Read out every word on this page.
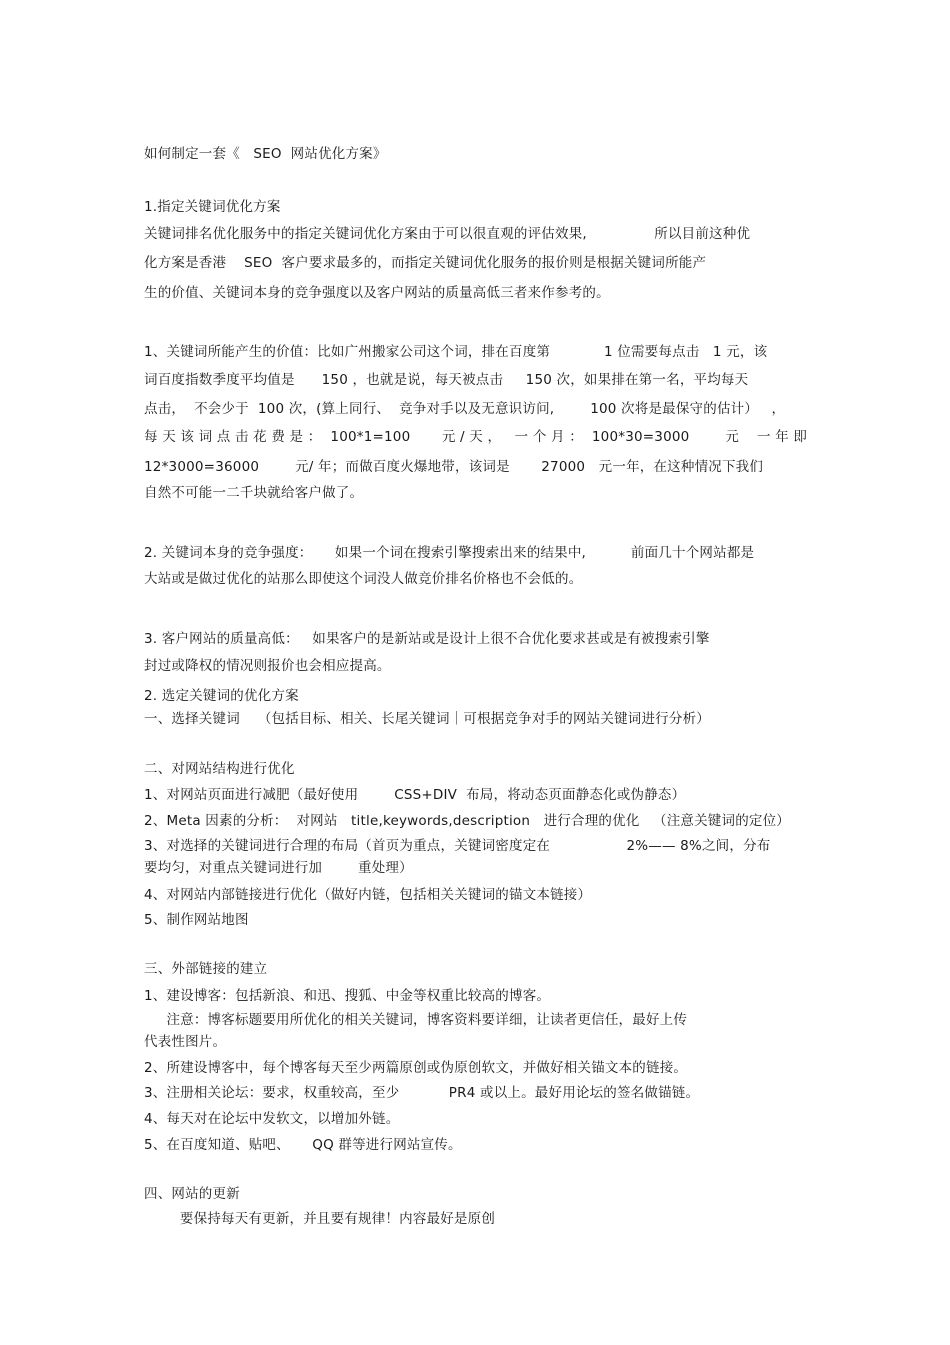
如何制定一套《   SEO  网站优化方案》
1.指定关键词优化方案
关键词排名优化服务中的指定关键词优化方案由于可以很直观的评估效果,               所以目前这种优
化方案是香港    SEO  客户要求最多的，而指定关键词优化服务的报价则是根据关键词所能产
生的价值、关键词本身的竞争强度以及客户网站的质量高低三者来作参考的。
1、关键词所能产生的价值：比如广州搬家公司这个词，排在百度第            1 位需要每点击   1 元，该
词百度指数季度平均值是      150 ，也就是说，每天被点击     150 次，如果排在第一名，平均每天
点击，  不会少于  100 次，(算上同行、  竞争对手以及无意识访问,        100 次将是最保守的估计）   ，
每 天 该 词 点 击 花 费 是 ：  100*1=100       元 / 天 ，   一 个 月 ：  100*30=3000        元    一 年 即
12*3000=36000        元/ 年；而做百度火爆地带，该词是       27000   元一年，在这种情况下我们
自然不可能一二千块就给客户做了。
2. 关键词本身的竞争强度：     如果一个词在搜索引擎搜索出来的结果中,          前面几十个网站都是
大站或是做过优化的站那么即使这个词没人做竞价排名价格也不会低的。
3. 客户网站的质量高低：   如果客户的是新站或是设计上很不合优化要求甚或是有被搜索引擎
封过或降权的情况则报价也会相应提高。
2. 选定关键词的优化方案
一、选择关键词    （包括目标、相关、长尾关键词｜可根据竞争对手的网站关键词进行分析）
二、对网站结构进行优化
1、对网站页面进行减肥（最好使用        CSS+DIV  布局，将动态页面静态化或伪静态）
2、Meta 因素的分析：  对网站   title,keywords,description   进行合理的优化   （注意关键词的定位）
3、对选择的关键词进行合理的布局（首页为重点，关键词密度定在                 2%—— 8%之间，分布
要均匀，对重点关键词进行加        重处理）
4、对网站内部链接进行优化（做好内链，包括相关关键词的锚文本链接）
5、制作网站地图
三、外部链接的建立
1、建设博客：包括新浪、和迅、搜狐、中金等权重比较高的博客。
注意：博客标题要用所优化的相关关键词，博客资料要详细，让读者更信任，最好上传
代表性图片。
2、所建设博客中，每个博客每天至少两篇原创或伪原创软文，并做好相关锚文本的链接。
3、注册相关论坛：要求，权重较高，至少           PR4 或以上。最好用论坛的签名做锚链。
4、每天对在论坛中发软文，以增加外链。
5、在百度知道、贴吧、     QQ 群等进行网站宣传。
四、网站的更新
要保持每天有更新，并且要有规律！内容最好是原创
